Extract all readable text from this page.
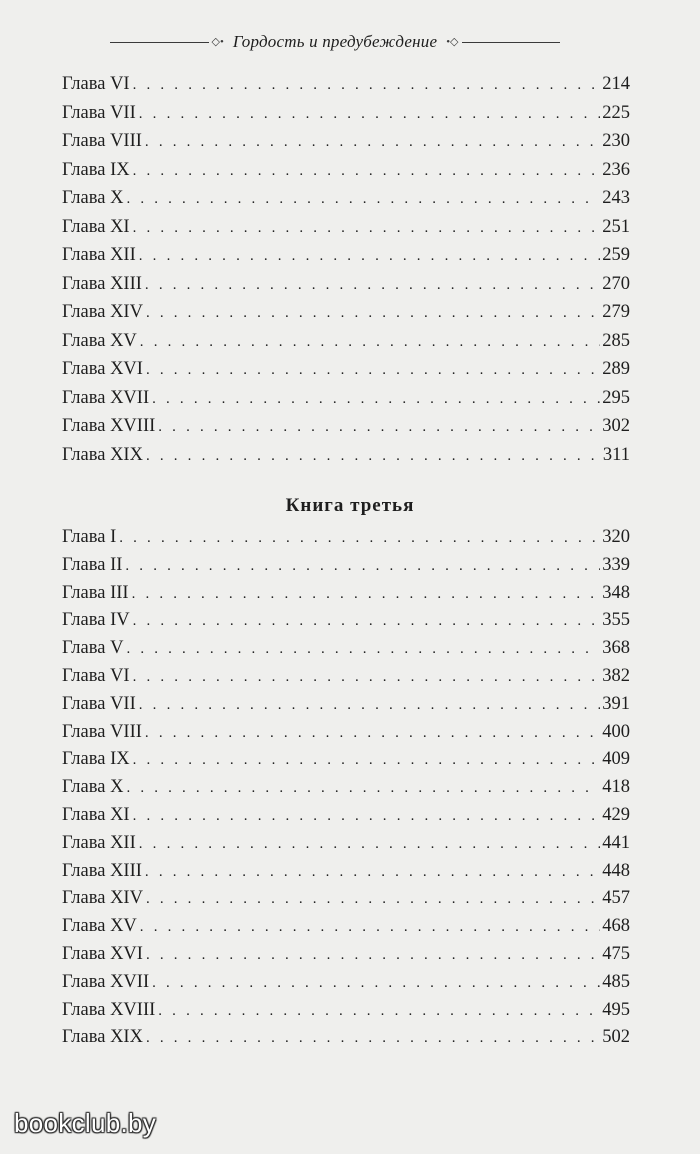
◇• Гордость и предубеждение •◇
Глава VI . . .	214
Глава VII . . .	225
Глава VIII . . .	230
Глава IX . . .	236
Глава X . . .	243
Глава XI . . .	251
Глава XII . . .	259
Глава XIII . . .	270
Глава XIV . . .	279
Глава XV . . .	285
Глава XVI . . .	289
Глава XVII . . .	295
Глава XVIII . . .	302
Глава XIX . . .	311
Книга третья
Глава I . . .	320
Глава II . . .	339
Глава III . . .	348
Глава IV . . .	355
Глава V . . .	368
Глава VI . . .	382
Глава VII . . .	391
Глава VIII . . .	400
Глава IX . . .	409
Глава X . . .	418
Глава XI . . .	429
Глава XII . . .	441
Глава XIII . . .	448
Глава XIV . . .	457
Глава XV . . .	468
Глава XVI . . .	475
Глава XVII . . .	485
Глава XVIII . . .	495
Глава XIX . . .	502
bookclub.by
